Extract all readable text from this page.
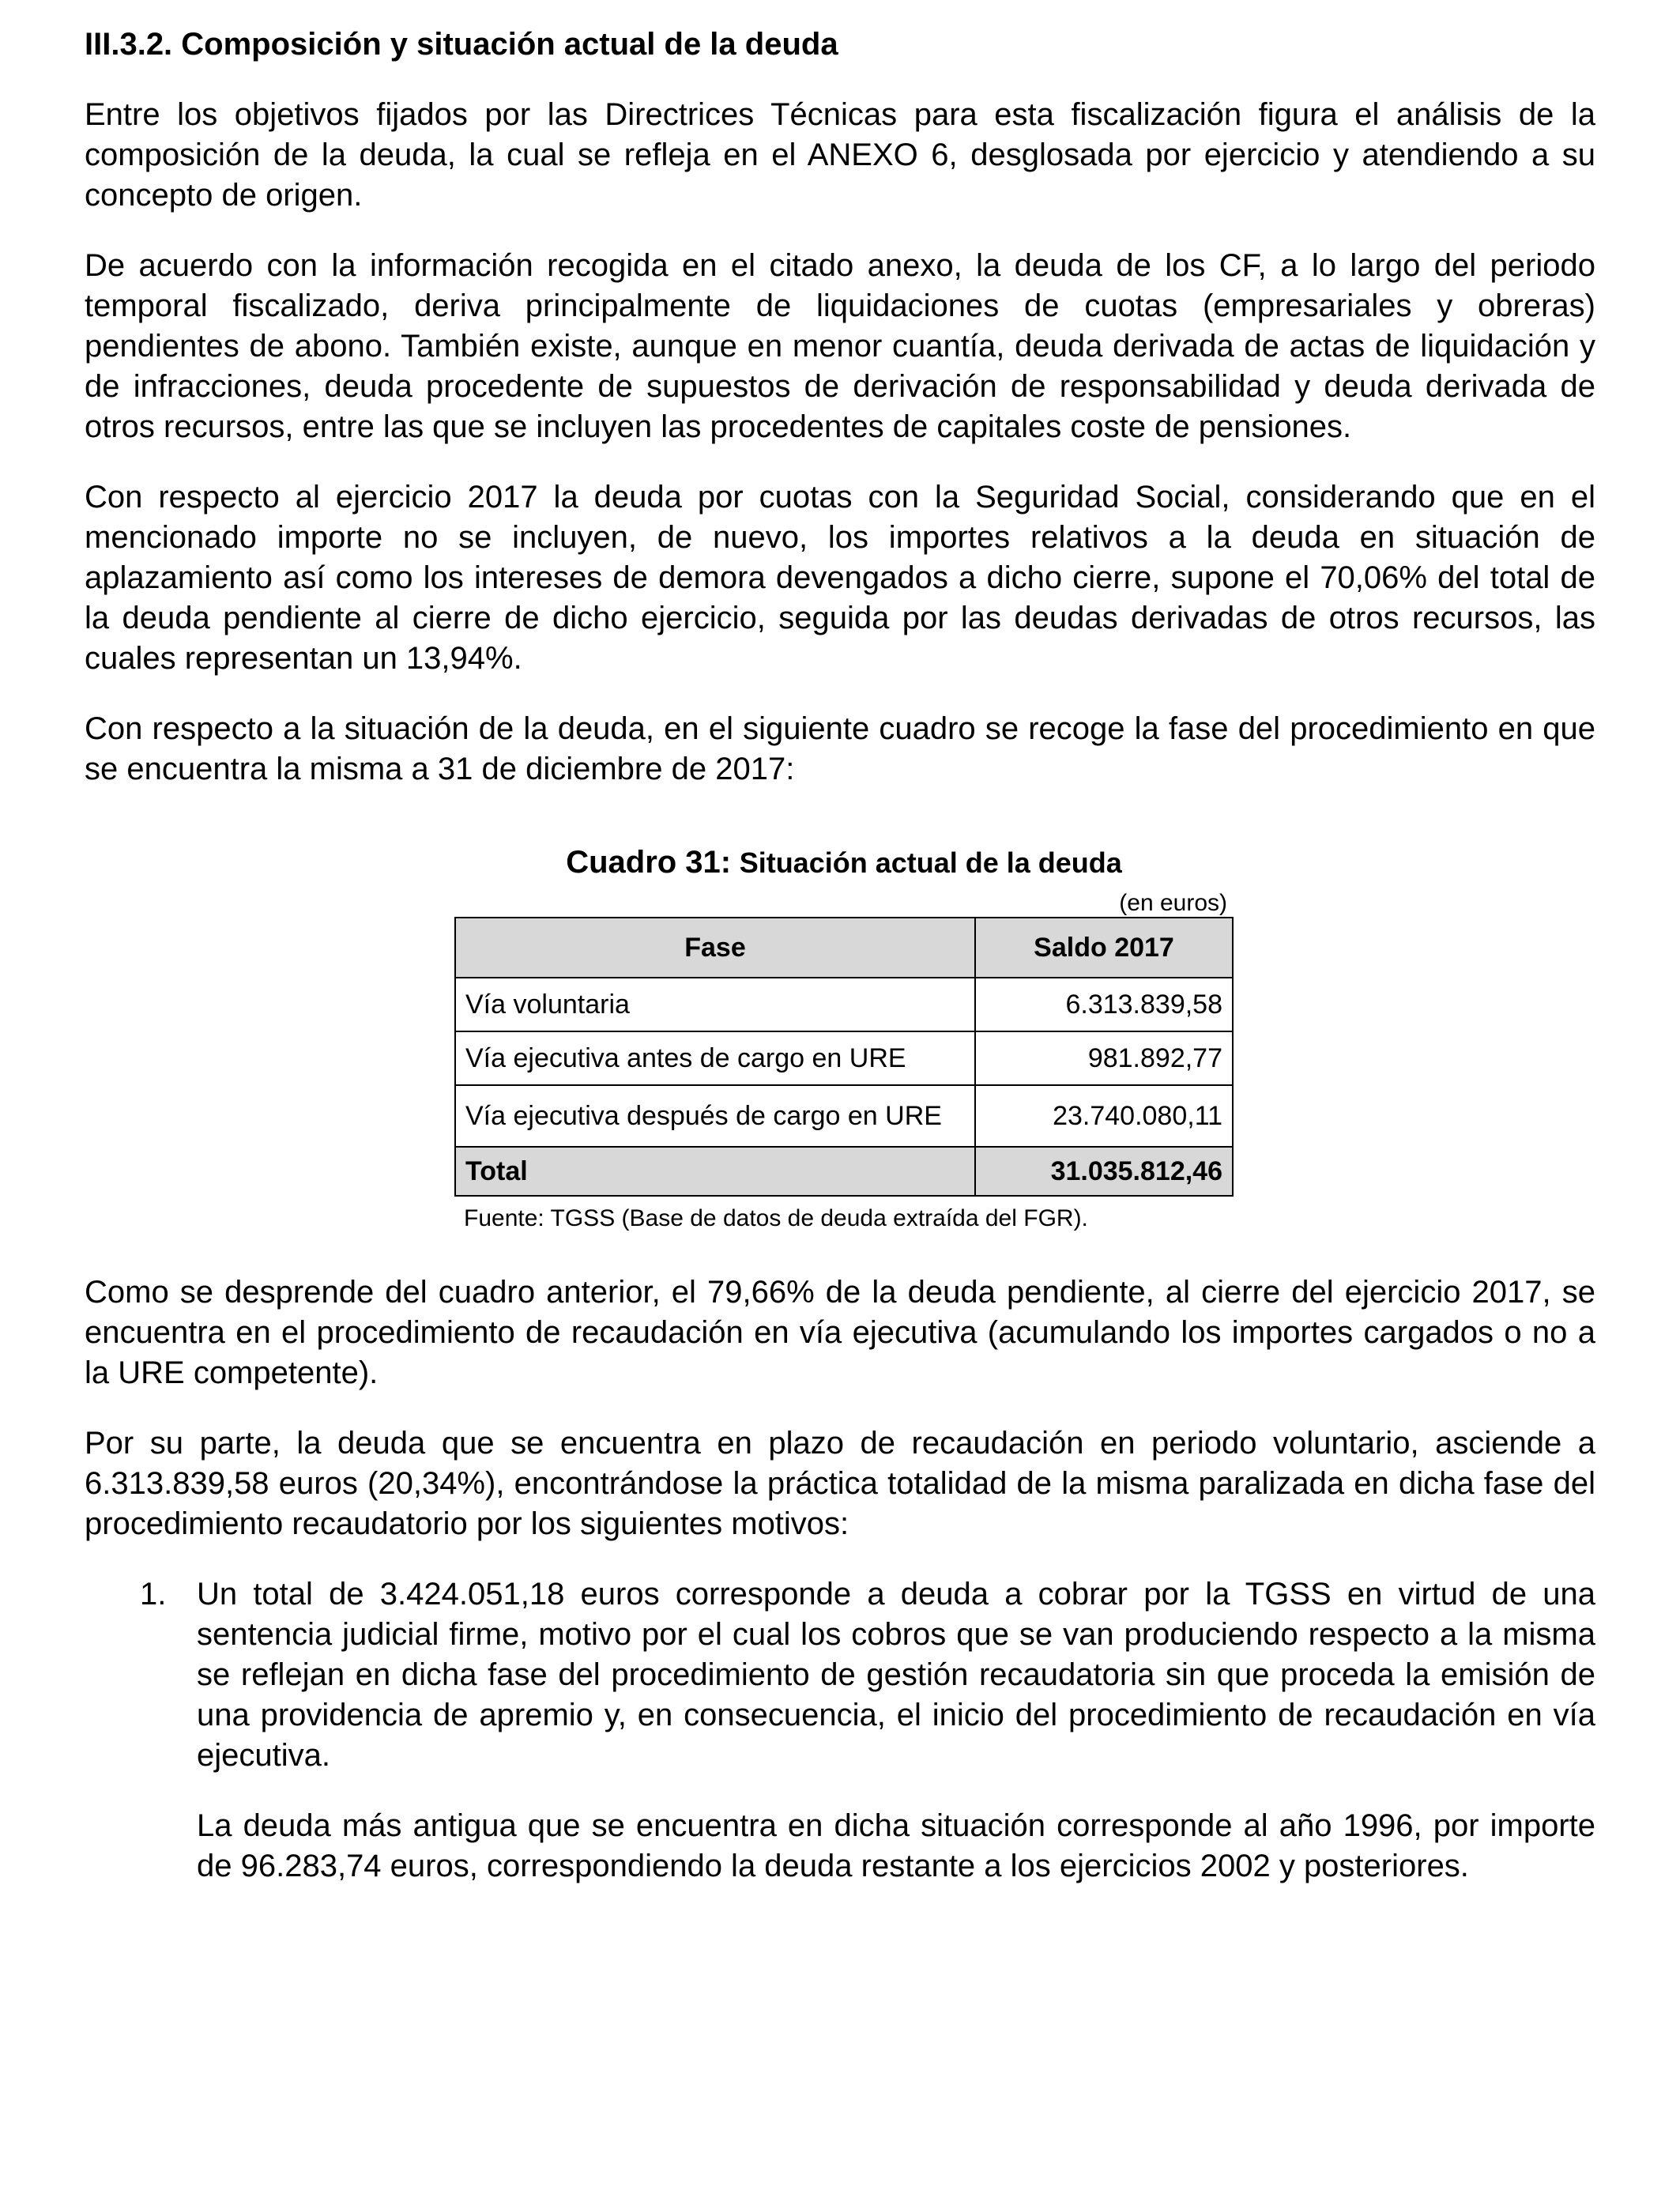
III.3.2. Composición y situación actual de la deuda

Entre los objetivos fijados por las Directrices Técnicas para esta fiscalización figura el análisis de la composición de la deuda, la cual se refleja en el ANEXO 6, desglosada por ejercicio y atendiendo a su concepto de origen.

De acuerdo con la información recogida en el citado anexo, la deuda de los CF, a lo largo del periodo temporal fiscalizado, deriva principalmente de liquidaciones de cuotas (empresariales y obreras) pendientes de abono. También existe, aunque en menor cuantía, deuda derivada de actas de liquidación y de infracciones, deuda procedente de supuestos de derivación de responsabilidad y deuda derivada de otros recursos, entre las que se incluyen las procedentes de capitales coste de pensiones.

Con respecto al ejercicio 2017 la deuda por cuotas con la Seguridad Social, considerando que en el mencionado importe no se incluyen, de nuevo, los importes relativos a la deuda en situación de aplazamiento así como los intereses de demora devengados a dicho cierre, supone el 70,06% del total de la deuda pendiente al cierre de dicho ejercicio, seguida por las deudas derivadas de otros recursos, las cuales representan un 13,94%.

Con respecto a la situación de la deuda, en el siguiente cuadro se recoge la fase del procedimiento en que se encuentra la misma a 31 de diciembre de 2017:

Cuadro 31: Situación actual de la deuda
(en euros)
Fase	Saldo 2017
Vía voluntaria	6.313.839,58
Vía ejecutiva antes de cargo en URE	981.892,77
Vía ejecutiva después de cargo en URE	23.740.080,11
Total	31.035.812,46
Fuente: TGSS (Base de datos de deuda extraída del FGR).

Como se desprende del cuadro anterior, el 79,66% de la deuda pendiente, al cierre del ejercicio 2017, se encuentra en el procedimiento de recaudación en vía ejecutiva (acumulando los importes cargados o no a la URE competente).

Por su parte, la deuda que se encuentra en plazo de recaudación en periodo voluntario, asciende a 6.313.839,58 euros (20,34%), encontrándose la práctica totalidad de la misma paralizada en dicha fase del procedimiento recaudatorio por los siguientes motivos:

1. Un total de 3.424.051,18 euros corresponde a deuda a cobrar por la TGSS en virtud de una sentencia judicial firme, motivo por el cual los cobros que se van produciendo respecto a la misma se reflejan en dicha fase del procedimiento de gestión recaudatoria sin que proceda la emisión de una providencia de apremio y, en consecuencia, el inicio del procedimiento de recaudación en vía ejecutiva.

La deuda más antigua que se encuentra en dicha situación corresponde al año 1996, por importe de 96.283,74 euros, correspondiendo la deuda restante a los ejercicios 2002 y posteriores.
